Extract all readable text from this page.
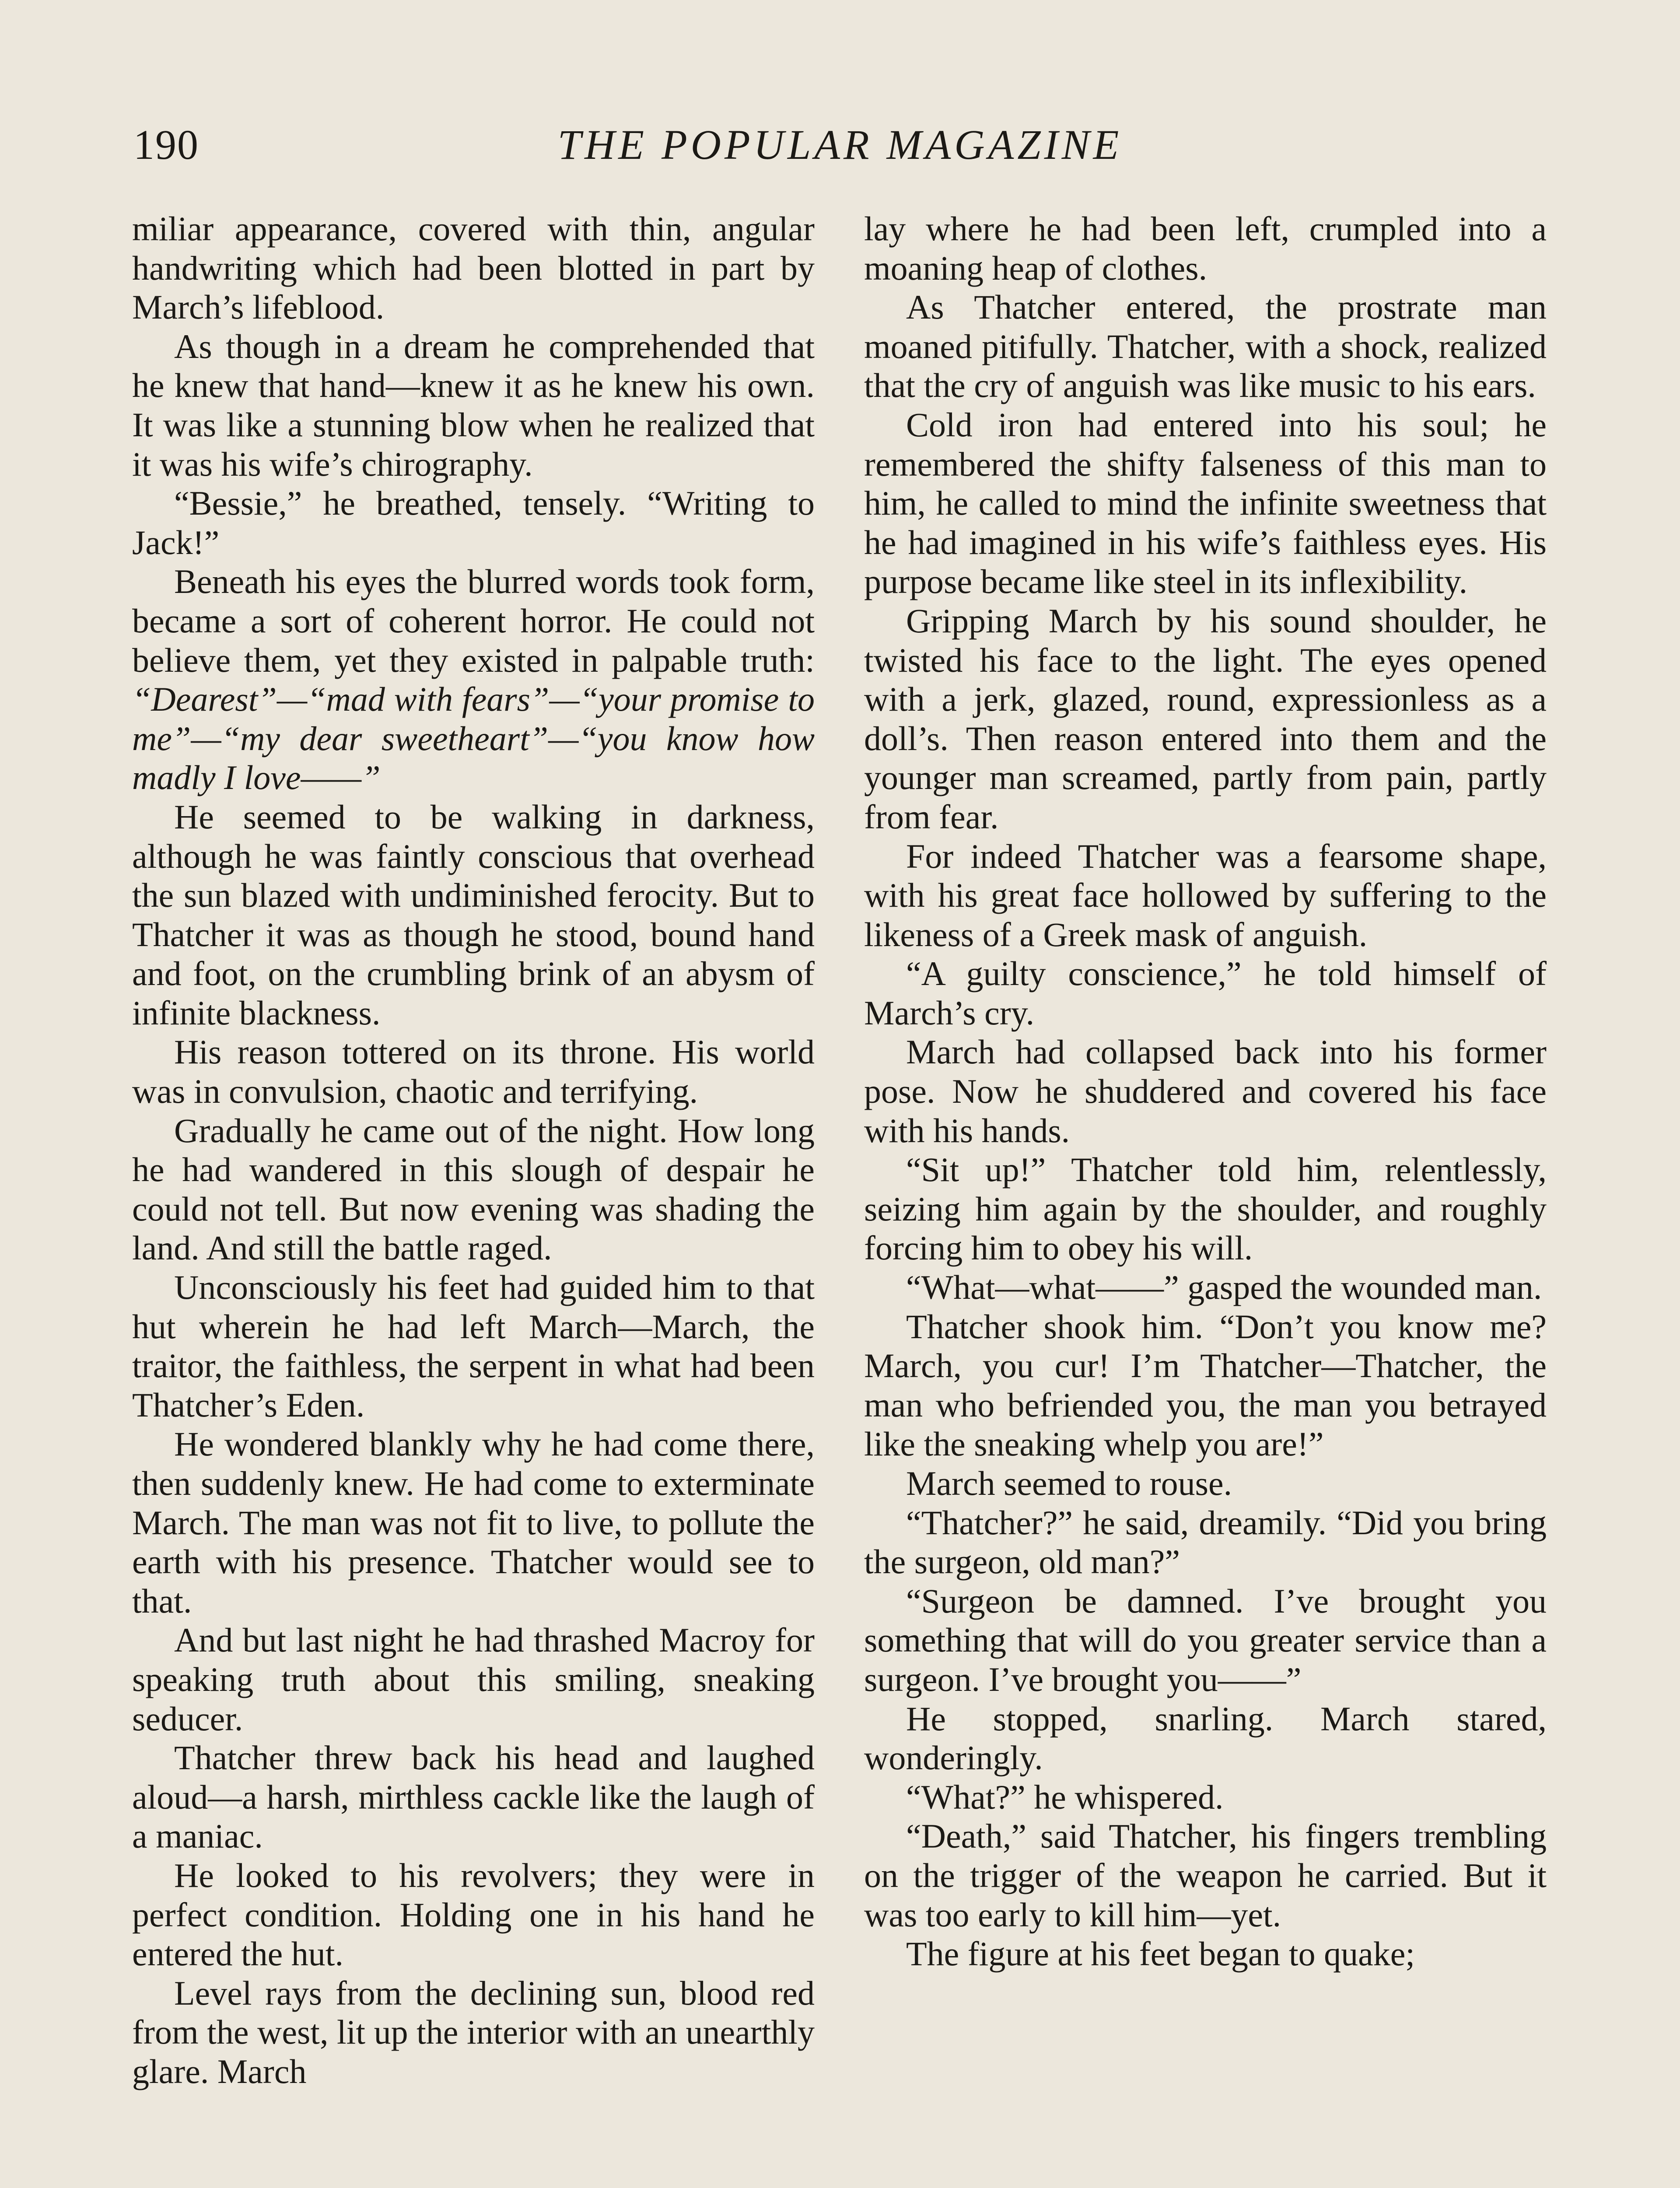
190	THE POPULAR MAGAZINE

miliar appearance, covered with thin, angular handwriting which had been blotted in part by March’s lifeblood.

As though in a dream he comprehended that he knew that hand—knew it as he knew his own. It was like a stunning blow when he realized that it was his wife’s chirography.

“Bessie,” he breathed, tensely. “Writing to Jack!”

Beneath his eyes the blurred words took form, became a sort of coherent horror. He could not believe them, yet they existed in palpable truth: “Dearest”—“mad with fears”—“your promise to me”—“my dear sweetheart”—“you know how madly I love——”

He seemed to be walking in darkness, although he was faintly conscious that overhead the sun blazed with undiminished ferocity. But to Thatcher it was as though he stood, bound hand and foot, on the crumbling brink of an abysm of infinite blackness.

His reason tottered on its throne. His world was in convulsion, chaotic and terrifying.

Gradually he came out of the night. How long he had wandered in this slough of despair he could not tell. But now evening was shading the land. And still the battle raged.

Unconsciously his feet had guided him to that hut wherein he had left March—March, the traitor, the faithless, the serpent in what had been Thatcher’s Eden.

He wondered blankly why he had come there, then suddenly knew. He had come to exterminate March. The man was not fit to live, to pollute the earth with his presence. Thatcher would see to that.

And but last night he had thrashed Macroy for speaking truth about this smiling, sneaking seducer.

Thatcher threw back his head and laughed aloud—a harsh, mirthless cackle like the laugh of a maniac.

He looked to his revolvers; they were in perfect condition. Holding one in his hand he entered the hut.

Level rays from the declining sun, blood red from the west, lit up the interior with an unearthly glare. March

lay where he had been left, crumpled into a moaning heap of clothes.

As Thatcher entered, the prostrate man moaned pitifully. Thatcher, with a shock, realized that the cry of anguish was like music to his ears.

Cold iron had entered into his soul; he remembered the shifty falseness of this man to him, he called to mind the infinite sweetness that he had imagined in his wife’s faithless eyes. His purpose became like steel in its inflexibility.

Gripping March by his sound shoulder, he twisted his face to the light. The eyes opened with a jerk, glazed, round, expressionless as a doll’s. Then reason entered into them and the younger man screamed, partly from pain, partly from fear.

For indeed Thatcher was a fearsome shape, with his great face hollowed by suffering to the likeness of a Greek mask of anguish.

“A guilty conscience,” he told himself of March’s cry.

March had collapsed back into his former pose. Now he shuddered and covered his face with his hands.

“Sit up!” Thatcher told him, relentlessly, seizing him again by the shoulder, and roughly forcing him to obey his will.

“What—what——” gasped the wounded man.

Thatcher shook him. “Don’t you know me? March, you cur! I’m Thatcher—Thatcher, the man who befriended you, the man you betrayed like the sneaking whelp you are!”

March seemed to rouse.

“Thatcher?” he said, dreamily. “Did you bring the surgeon, old man?”

“Surgeon be damned. I’ve brought you something that will do you greater service than a surgeon. I’ve brought you——”

He stopped, snarling. March stared, wonderingly.

“What?” he whispered.

“Death,” said Thatcher, his fingers trembling on the trigger of the weapon he carried. But it was too early to kill him—yet.

The figure at his feet began to quake;
